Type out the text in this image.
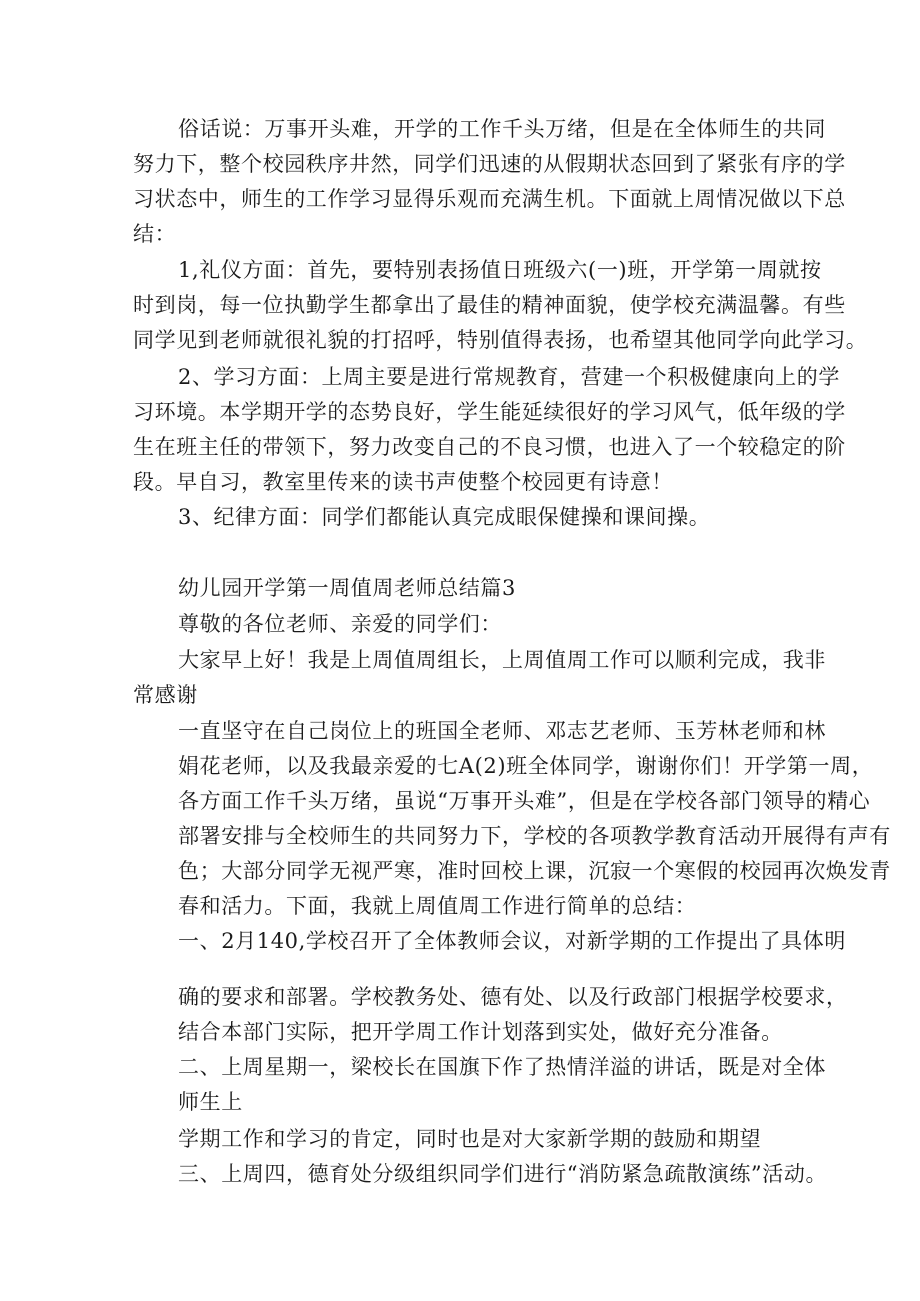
俗话说：万事开头难，开学的工作千头万绪，但是在全体师生的共同
努力下，整个校园秩序井然，同学们迅速的从假期状态回到了紧张有序的学
习状态中，师生的工作学习显得乐观而充满生机。下面就上周情况做以下总
结：
1,礼仪方面：首先，要特别表扬值日班级六(一)班，开学第一周就按
时到岗，每一位执勤学生都拿出了最佳的精神面貌，使学校充满温馨。有些
同学见到老师就很礼貌的打招呼，特别值得表扬，也希望其他同学向此学习。
2、学习方面：上周主要是进行常规教育，营建一个积极健康向上的学
习环境。本学期开学的态势良好，学生能延续很好的学习风气，低年级的学
生在班主任的带领下，努力改变自己的不良习惯，也进入了一个较稳定的阶
段。早自习，教室里传来的读书声使整个校园更有诗意！
3、纪律方面：同学们都能认真完成眼保健操和课间操。
幼儿园开学第一周值周老师总结篇3
尊敬的各位老师、亲爱的同学们：
大家早上好！我是上周值周组长，上周值周工作可以顺利完成，我非
常感谢
一直坚守在自己岗位上的班国全老师、邓志艺老师、玉芳林老师和林
娟花老师，以及我最亲爱的七A(2)班全体同学，谢谢你们！开学第一周，
各方面工作千头万绪，虽说“万事开头难”，但是在学校各部门领导的精心
部署安排与全校师生的共同努力下，学校的各项教学教育活动开展得有声有
色；大部分同学无视严寒，准时回校上课，沉寂一个寒假的校园再次焕发青
春和活力。下面，我就上周值周工作进行简单的总结：
一、2月140,学校召开了全体教师会议，对新学期的工作提出了具体明
确的要求和部署。学校教务处、德有处、以及行政部门根据学校要求，
结合本部门实际，把开学周工作计划落到实处，做好充分准备。
二、上周星期一，梁校长在国旗下作了热情洋溢的讲话，既是对全体
师生上
学期工作和学习的肯定，同时也是对大家新学期的鼓励和期望
三、上周四，德育处分级组织同学们进行“消防紧急疏散演练”活动。
